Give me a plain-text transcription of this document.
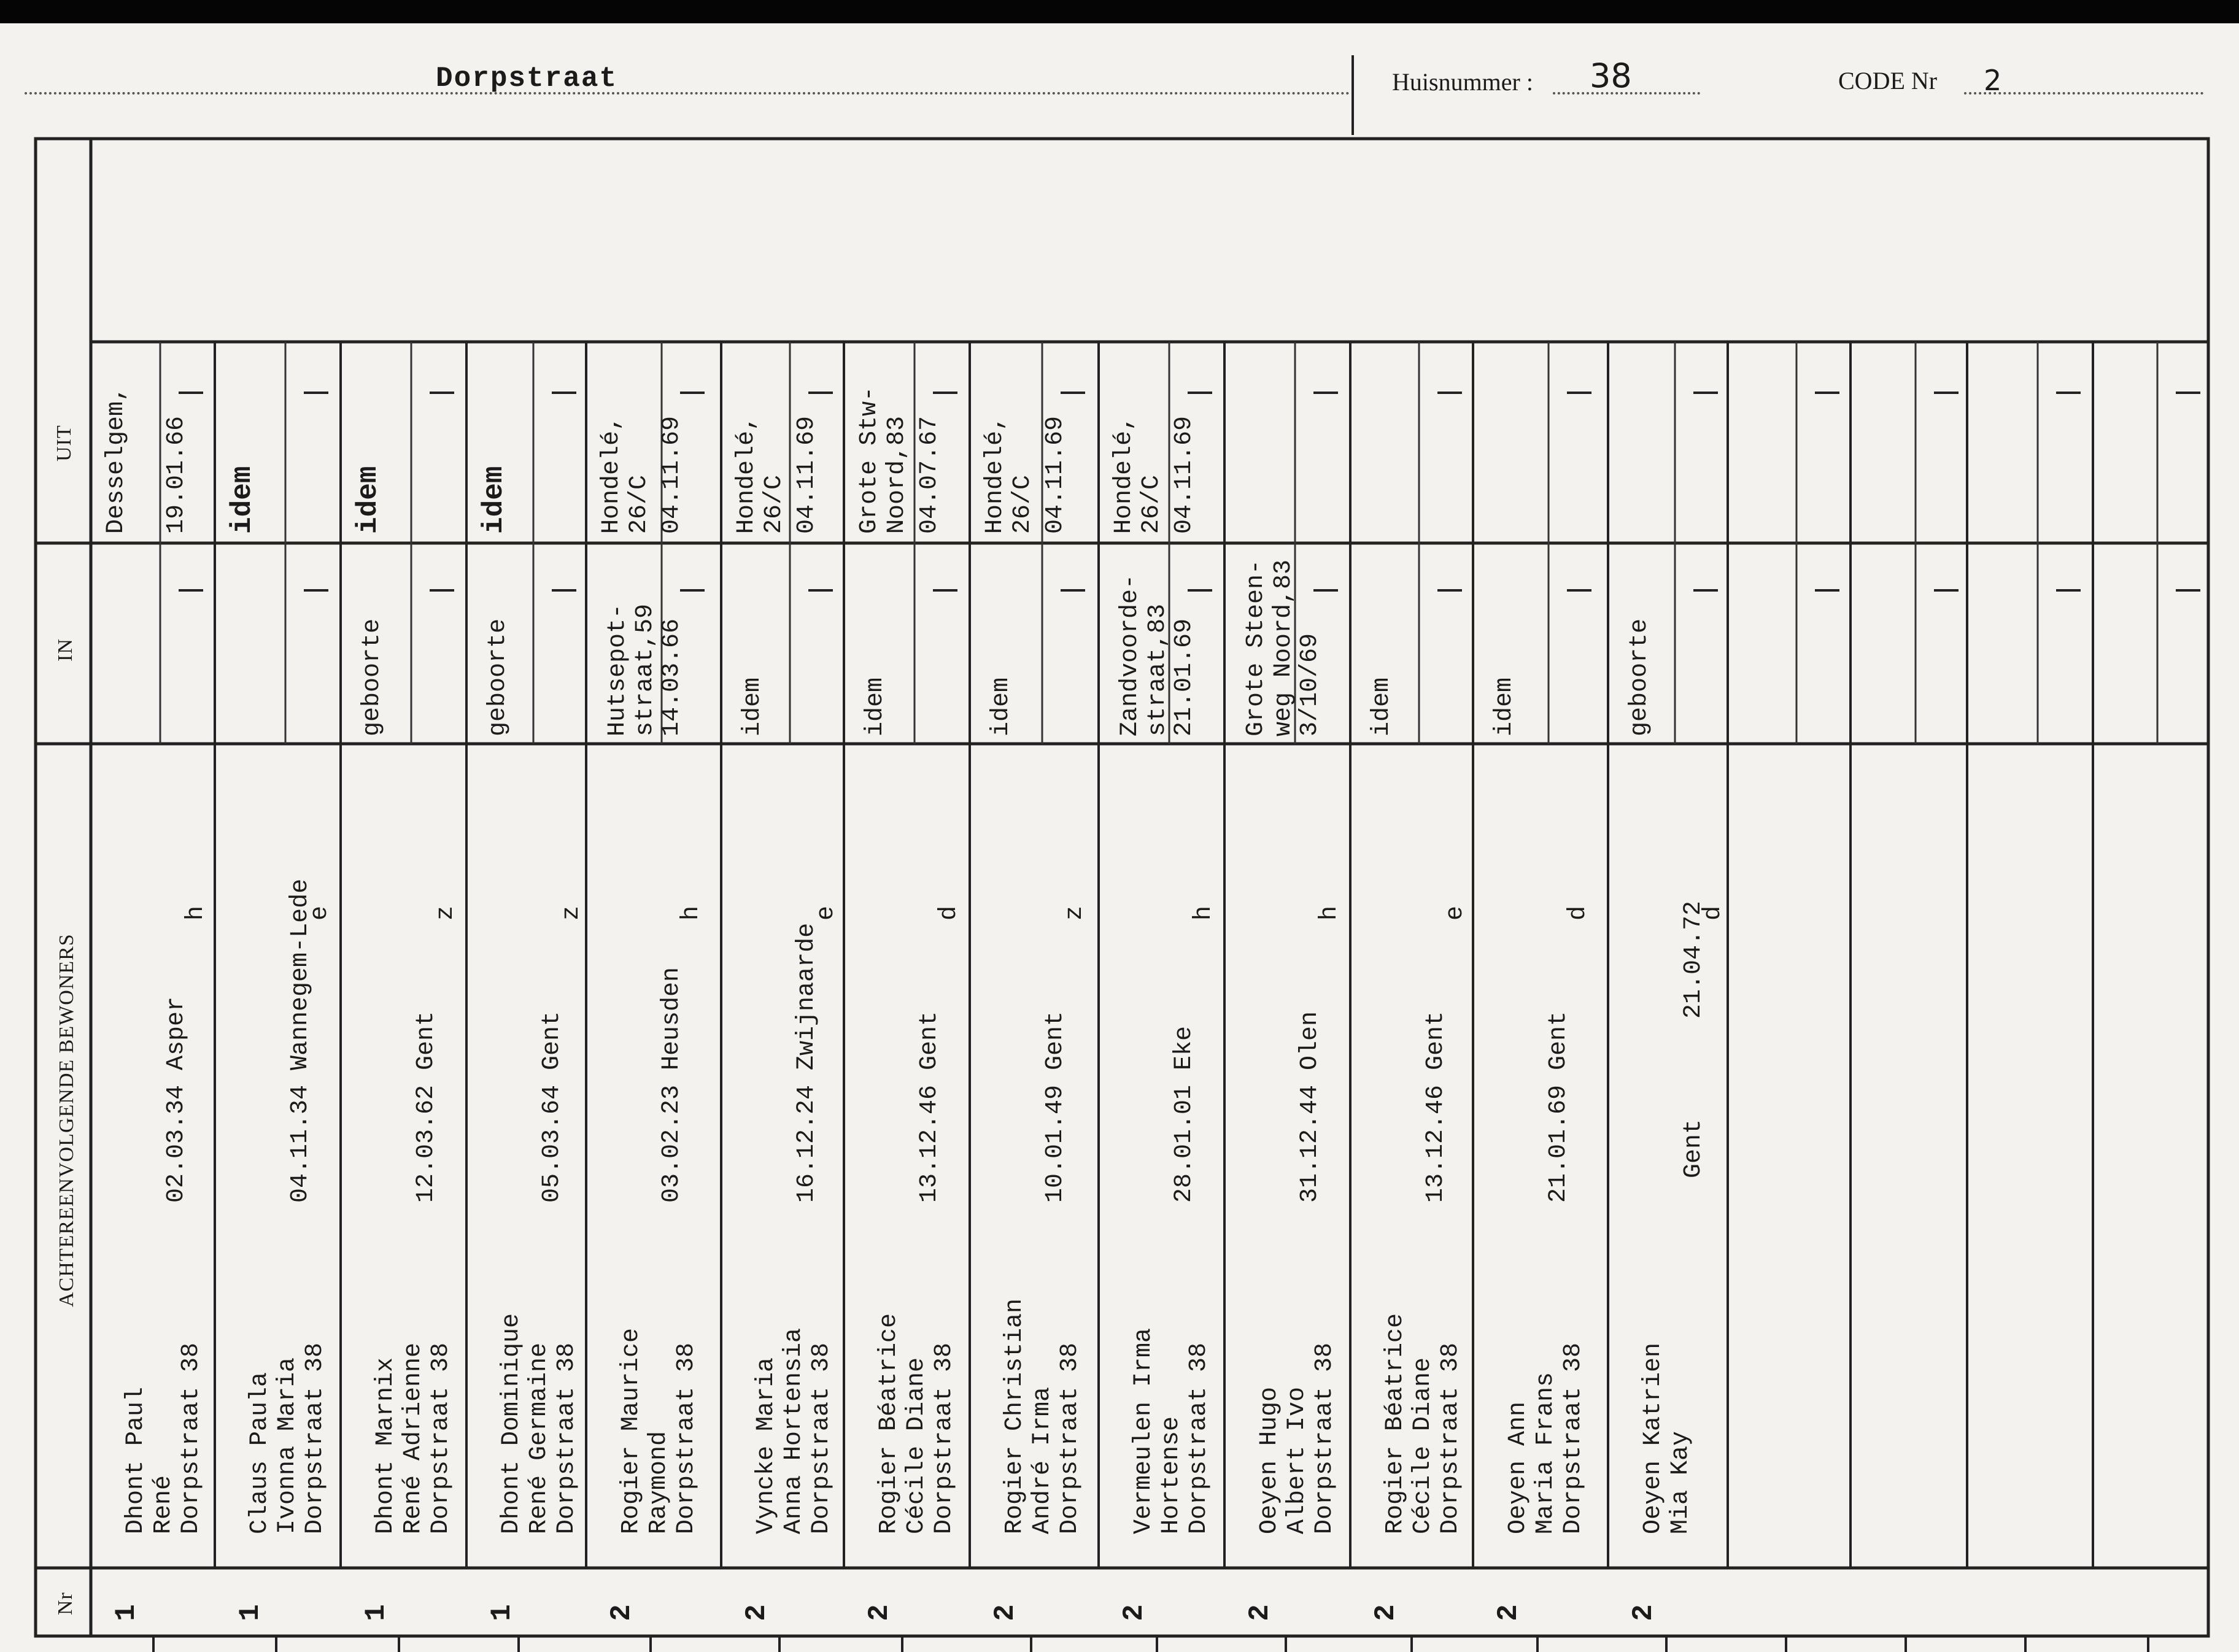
Dorpstraat	Huisnummer : 38	CODE Nr 2
ACHTEREENVOLGENDE BEWONERS
IN
UIT
Nr 1
Dhont Paul
René
Dorpstraat 38
02.03.34 Asper
h
Desselgem, 19.01.66
1
Claus Paula
Ivonna Maria
Dorpstraat 38
04.11.34 Wannegem-Lede
e
idem
1
Dhont Marnix
René Adrienne
Dorpstraat 38
12.03.62 Gent
z
geboorte
idem
1
Dhont Dominique
René Germaine
Dorpstraat 38
05.03.64 Gent
z
geboorte
idem
2
Rogier Maurice
Raymond
Dorpstraat 38
03.02.23 Heusden
h
Hutsepot-
straat,59
14.03.66
Hondelé,
26/C 04.11.69
2
Vyncke Maria
Anna Hortensia
Dorpstraat 38
16.12.24 Zwijnaarde
e
idem
Hondelé,
26/C 04.11.69
2
Rogier Béatrice
Cécile Diane
Dorpstraat 38
13.12.46 Gent
d
idem
Grote Stw-
Noord,83 04.07.67
2
Rogier Christian
André Irma
Dorpstraat 38
10.01.49 Gent
z
idem
Hondelé,
26/C 04.11.69
2
Vermeulen Irma
Hortense
Dorpstraat 38
28.01.01 Eke
h
Zandvoorde-
straat,83
21.01.69
Hondelé,
26/C 04.11.69
2
Oeyen Hugo
Albert Ivo
Dorpstraat 38
31.12.44 Olen
h
Grote Steen-
weg Noord,83
3/10/69
2
Rogier Béatrice
Cécile Diane
Dorpstraat 38
13.12.46 Gent
e
idem
2
Oeyen Ann
Maria Frans
Dorpstraat 38
21.01.69 Gent
d
idem
2
Oeyen Katrien
Mia Kay
Gent
21.04.72
d
geboorte
